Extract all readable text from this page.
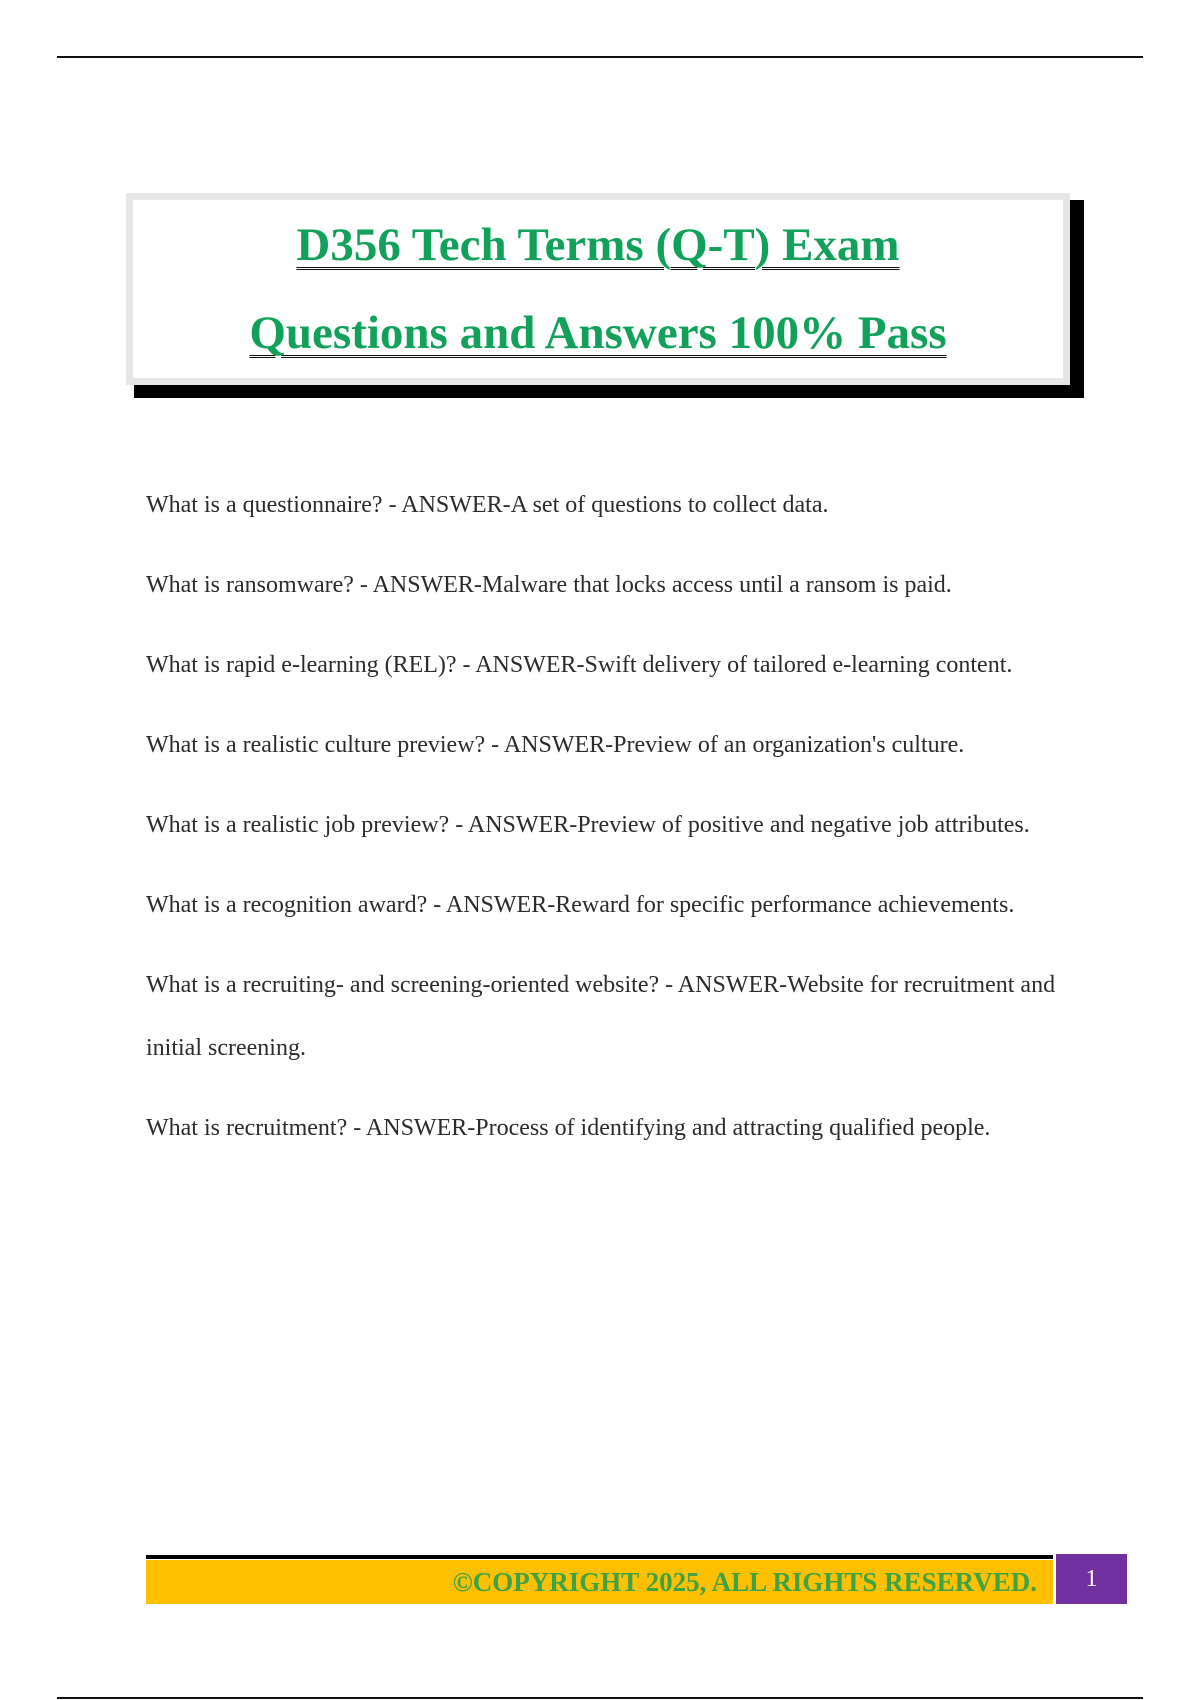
D356 Tech Terms (Q-T) Exam
Questions and Answers 100% Pass

What is a questionnaire? - ANSWER-A set of questions to collect data.

What is ransomware? - ANSWER-Malware that locks access until a ransom is paid.

What is rapid e-learning (REL)? - ANSWER-Swift delivery of tailored e-learning content.

What is a realistic culture preview? - ANSWER-Preview of an organization's culture.

What is a realistic job preview? - ANSWER-Preview of positive and negative job attributes.

What is a recognition award? - ANSWER-Reward for specific performance achievements.

What is a recruiting- and screening-oriented website? - ANSWER-Website for recruitment and initial screening.

What is recruitment? - ANSWER-Process of identifying and attracting qualified people.

©COPYRIGHT 2025, ALL RIGHTS RESERVED. 1
